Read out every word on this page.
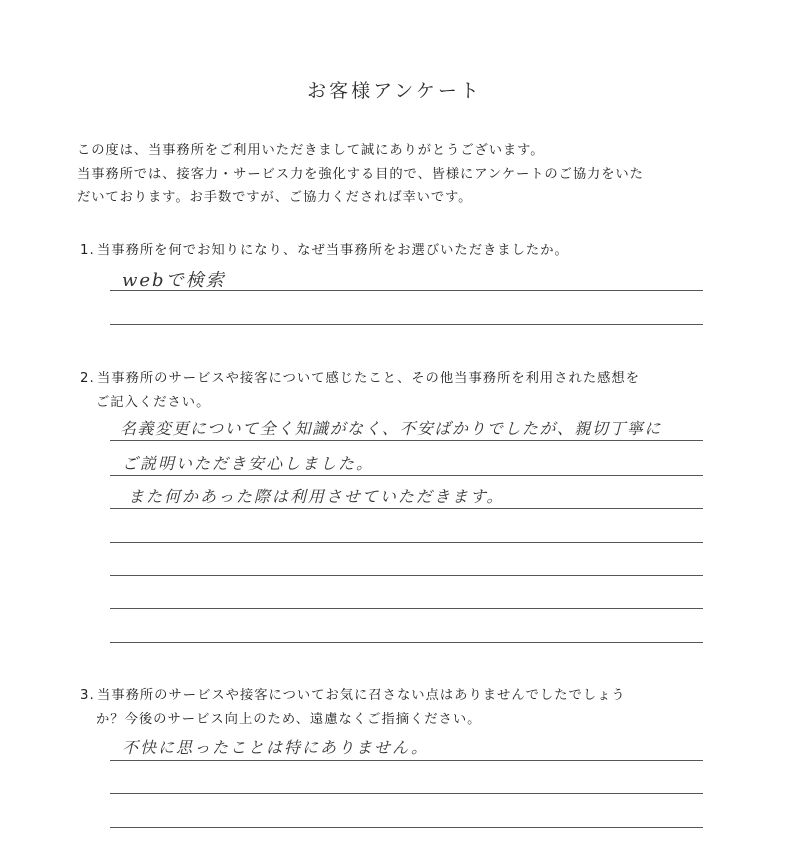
お客様アンケート
この度は、当事務所をご利用いただきまして誠にありがとうございます。
当事務所では、接客力・サービス力を強化する目的で、皆様にアンケートのご協力をいた
だいております。お手数ですが、ご協力くだされば幸いです。
1. 当事務所を何でお知りになり、なぜ当事務所をお選びいただきましたか。
webで検索
2. 当事務所のサービスや接客について感じたこと、その他当事務所を利用された感想を
ご記入ください。
名義変更について全く知識がなく、不安ばかりでしたが、親切丁寧に
ご説明いただき安心しました。
また何かあった際は利用させていただきます。
3. 当事務所のサービスや接客についてお気に召さない点はありませんでしたでしょう
か？今後のサービス向上のため、遠慮なくご指摘ください。
不快に思ったことは特にありません。
